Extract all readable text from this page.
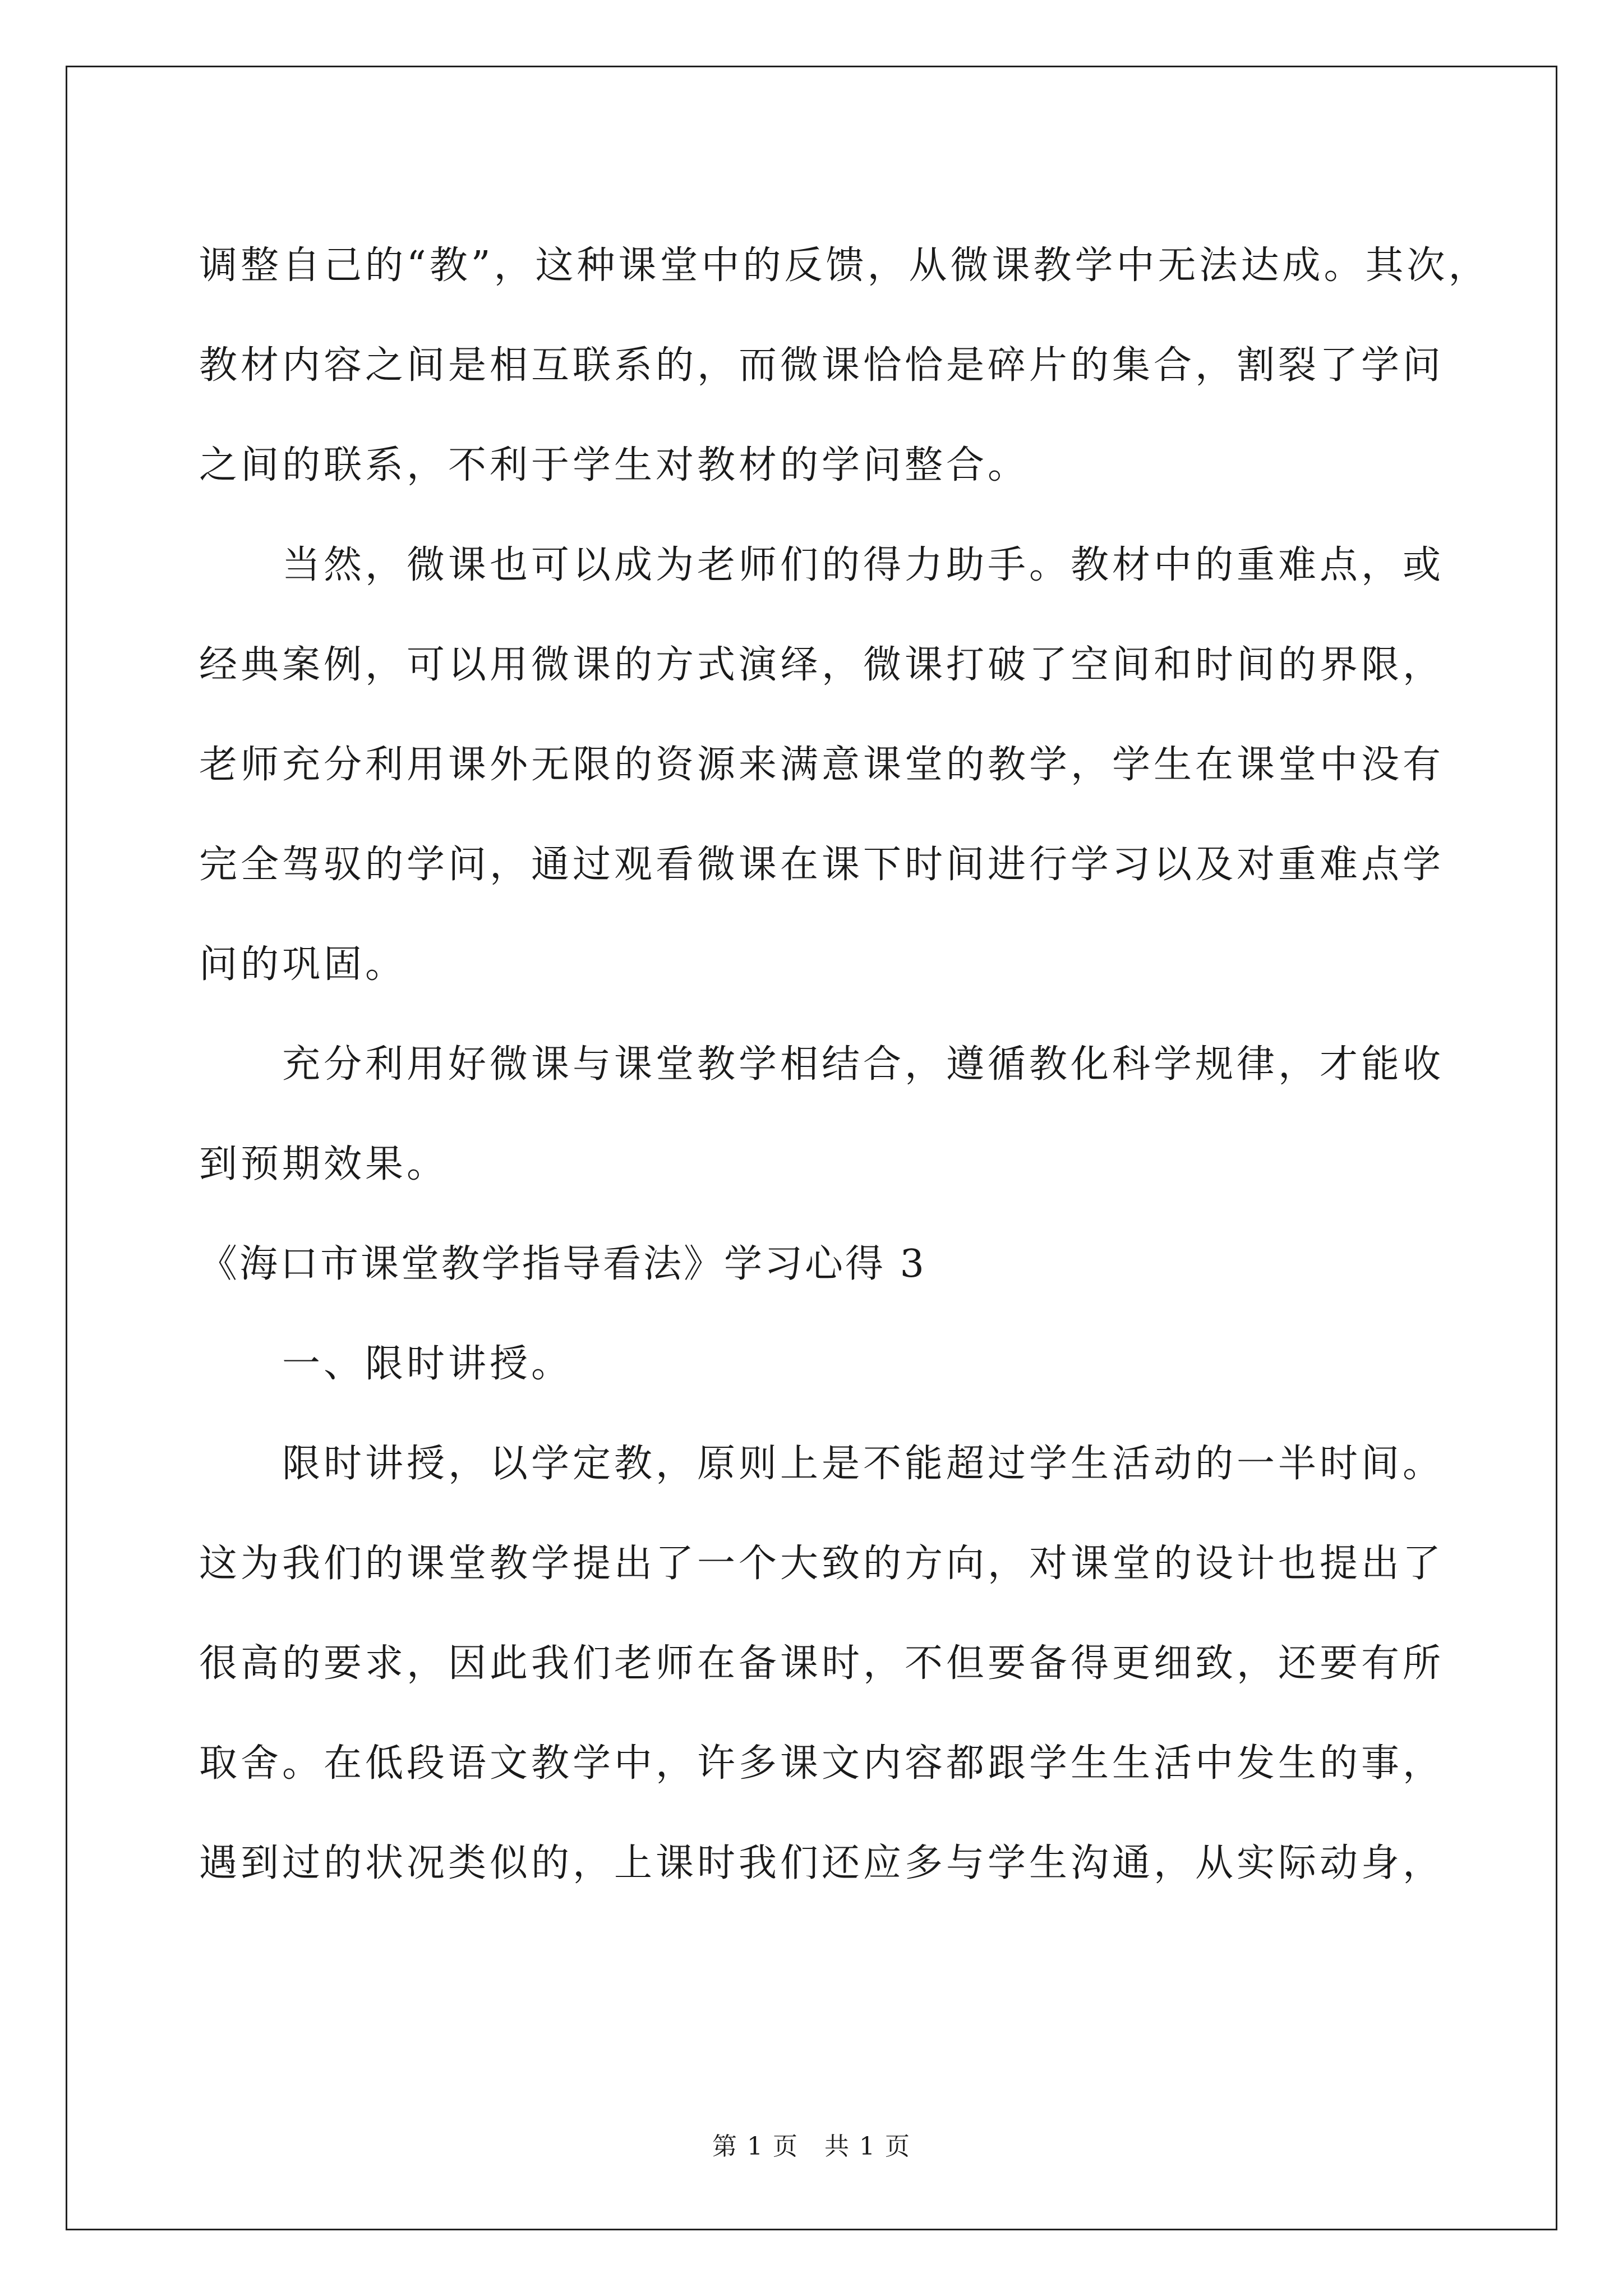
调整自己的“教”，这种课堂中的反馈，从微课教学中无法达成。其次，
教材内容之间是相互联系的，而微课恰恰是碎片的集合，割裂了学问
之间的联系，不利于学生对教材的学问整合。
当然，微课也可以成为老师们的得力助手。教材中的重难点，或
经典案例，可以用微课的方式演绎，微课打破了空间和时间的界限，
老师充分利用课外无限的资源来满意课堂的教学，学生在课堂中没有
完全驾驭的学问，通过观看微课在课下时间进行学习以及对重难点学
问的巩固。
充分利用好微课与课堂教学相结合，遵循教化科学规律，才能收
到预期效果。
《海口市课堂教学指导看法》学习心得 3
一、限时讲授。
限时讲授，以学定教，原则上是不能超过学生活动的一半时间。
这为我们的课堂教学提出了一个大致的方向，对课堂的设计也提出了
很高的要求，因此我们老师在备课时，不但要备得更细致，还要有所
取舍。在低段语文教学中，许多课文内容都跟学生生活中发生的事，
遇到过的状况类似的，上课时我们还应多与学生沟通，从实际动身，
第 1 页　共 1 页
